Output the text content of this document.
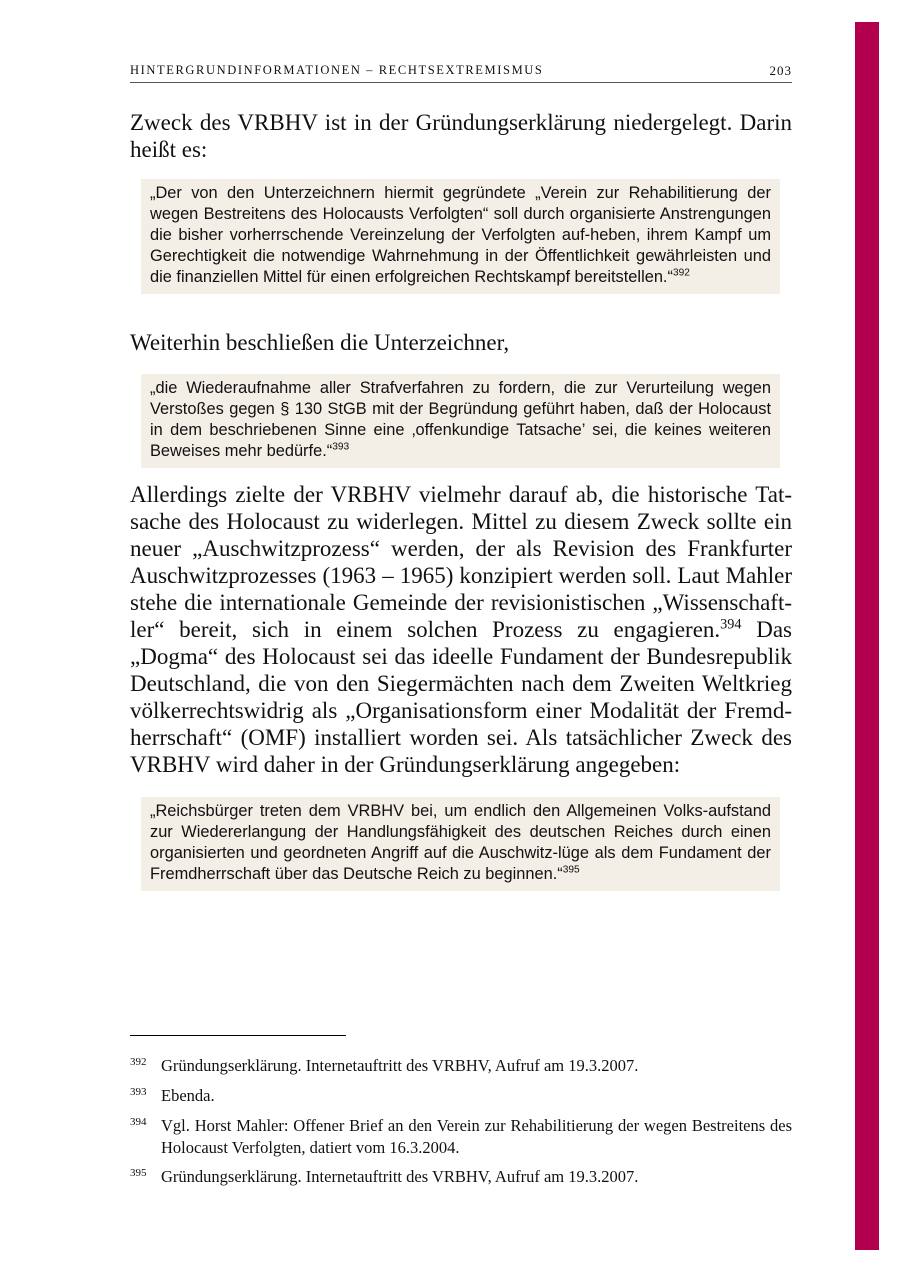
HINTERGRUNDINFORMATIONEN – RECHTSEXTREMISMUS	203

Zweck des VRBHV ist in der Gründungserklärung niedergelegt. Darin heißt es:

„Der von den Unterzeichnern hiermit gegründete „Verein zur Rehabilitierung der wegen Bestreitens des Holocausts Verfolgten“ soll durch organisierte Anstrengungen die bisher vorherrschende Vereinzelung der Verfolgten auf-heben, ihrem Kampf um Gerechtigkeit die notwendige Wahrnehmung in der Öffentlichkeit gewährleisten und die finanziellen Mittel für einen erfolgreichen Rechtskampf bereitstellen.“$^{392}$

Weiterhin beschließen die Unterzeichner,

„die Wiederaufnahme aller Strafverfahren zu fordern, die zur Verurteilung wegen Verstoßes gegen § 130 StGB mit der Begründung geführt haben, daß der Holocaust in dem beschriebenen Sinne eine ‚offenkundige Tatsache’ sei, die keines weiteren Beweises mehr bedürfe.“$^{393}$

Allerdings zielte der VRBHV vielmehr darauf ab, die historische Tat-sache des Holocaust zu widerlegen. Mittel zu diesem Zweck sollte ein neuer „Auschwitzprozess“ werden, der als Revision des Frankfurter Auschwitzprozesses (1963 – 1965) konzipiert werden soll. Laut Mahler stehe die internationale Gemeinde der revisionistischen „Wissenschaft-ler“ bereit, sich in einem solchen Prozess zu engagieren.$^{394}$ Das „Dogma“ des Holocaust sei das ideelle Fundament der Bundesrepublik Deutschland, die von den Siegermächten nach dem Zweiten Weltkrieg völkerrechtswidrig als „Organisationsform einer Modalität der Fremd-herrschaft“ (OMF) installiert worden sei. Als tatsächlicher Zweck des VRBHV wird daher in der Gründungserklärung angegeben:

„Reichsbürger treten dem VRBHV bei, um endlich den Allgemeinen Volks-aufstand zur Wiedererlangung der Handlungsfähigkeit des deutschen Reiches durch einen organisierten und geordneten Angriff auf die Auschwitz-lüge als dem Fundament der Fremdherrschaft über das Deutsche Reich zu beginnen.“$^{395}$
392 Gründungserklärung. Internetauftritt des VRBHV, Aufruf am 19.3.2007.
393 Ebenda.
394 Vgl. Horst Mahler: Offener Brief an den Verein zur Rehabilitierung der wegen Bestreitens des Holocaust Verfolgten, datiert vom 16.3.2004.
395 Gründungserklärung. Internetauftritt des VRBHV, Aufruf am 19.3.2007.
